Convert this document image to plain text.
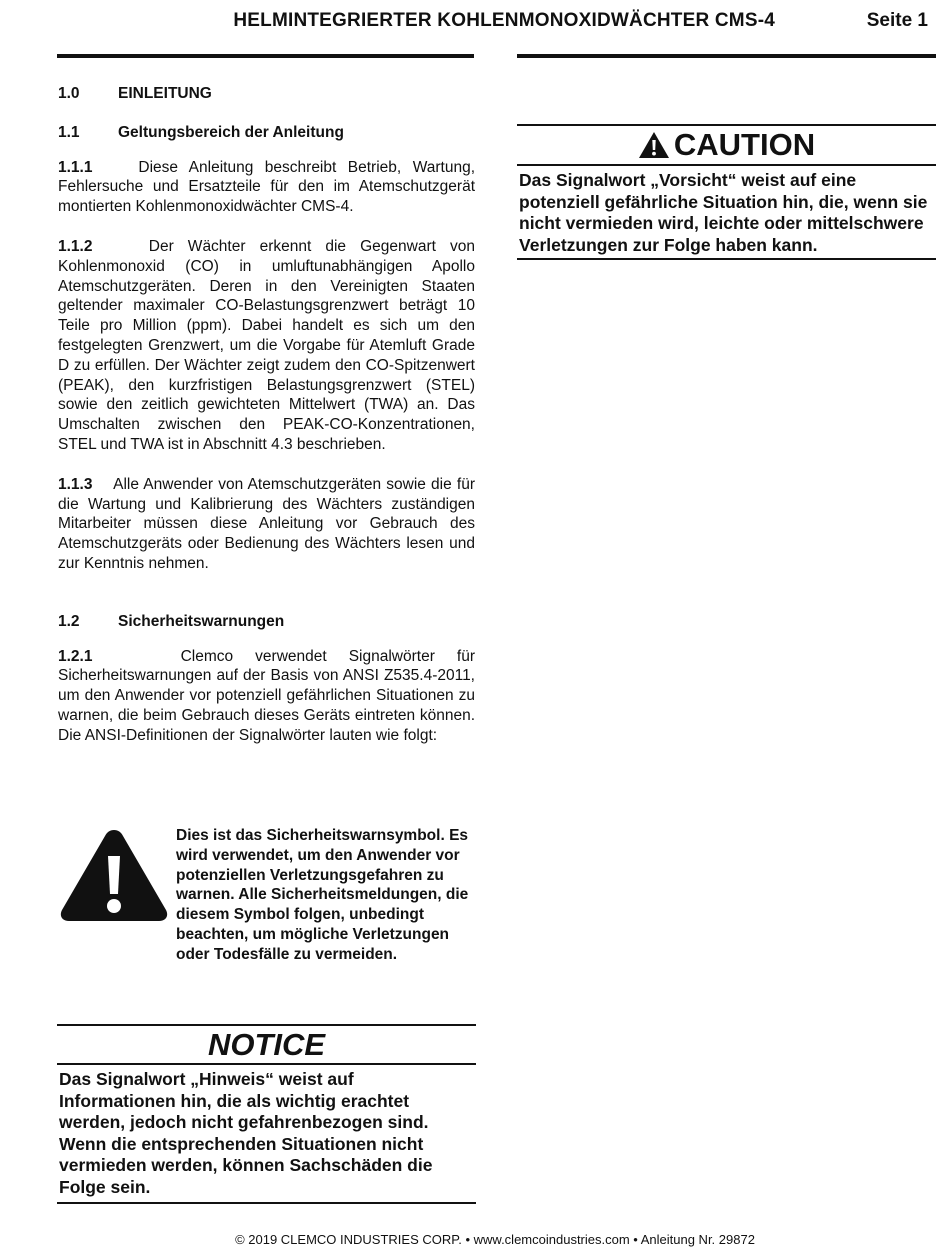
HELMINTEGRIERTER KOHLENMONOXIDWÄCHTER CMS-4	Seite 1
1.0	EINLEITUNG
1.1	Geltungsbereich der Anleitung

1.1.1	Diese Anleitung beschreibt Betrieb, Wartung, Fehlersuche und Ersatzteile für den im Atemschutzgerät montierten Kohlenmonoxidwächter CMS-4.

1.1.2	Der Wächter erkennt die Gegenwart von Kohlenmonoxid (CO) in umluftunabhängigen Apollo Atemschutzgeräten. Deren in den Vereinigten Staaten geltender maximaler CO-Belastungsgrenzwert beträgt 10 Teile pro Million (ppm). Dabei handelt es sich um den festgelegten Grenzwert, um die Vorgabe für Atemluft Grade D zu erfüllen. Der Wächter zeigt zudem den CO-Spitzenwert (PEAK), den kurzfristigen Belastungsgrenzwert (STEL) sowie den zeitlich gewichteten Mittelwert (TWA) an. Das Umschalten zwischen den PEAK-CO-Konzentrationen, STEL und TWA ist in Abschnitt 4.3 beschrieben.

1.1.3 Alle Anwender von Atemschutzgeräten sowie die für die Wartung und Kalibrierung des Wächters zuständigen Mitarbeiter müssen diese Anleitung vor Gebrauch des Atemschutzgeräts oder Bedienung des Wächters lesen und zur Kenntnis nehmen.

1.2	Sicherheitswarnungen

1.2.1	Clemco verwendet Signalwörter für Sicherheitswarnungen auf der Basis von ANSI Z535.4-2011, um den Anwender vor potenziell gefährlichen Situationen zu warnen, die beim Gebrauch dieses Geräts eintreten können. Die ANSI-Definitionen der Signalwörter lauten wie folgt:

Dies ist das Sicherheitswarnsymbol. Es wird verwendet, um den Anwender vor potenziellen Verletzungsgefahren zu warnen. Alle Sicherheitsmeldungen, die diesem Symbol folgen, unbedingt beachten, um mögliche Verletzungen oder Todesfälle zu vermeiden.
NOTICE
Das Signalwort „Hinweis“ weist auf Informationen hin, die als wichtig erachtet werden, jedoch nicht gefahrenbezogen sind. Wenn die entsprechenden Situationen nicht vermieden werden, können Sachschäden die Folge sein.
CAUTION
Das Signalwort „Vorsicht“ weist auf eine potenziell gefährliche Situation hin, die, wenn sie nicht vermieden wird, leichte oder mittelschwere Verletzungen zur Folge haben kann.
© 2019 CLEMCO INDUSTRIES CORP. • www.clemcoindustries.com • Anleitung Nr. 29872
